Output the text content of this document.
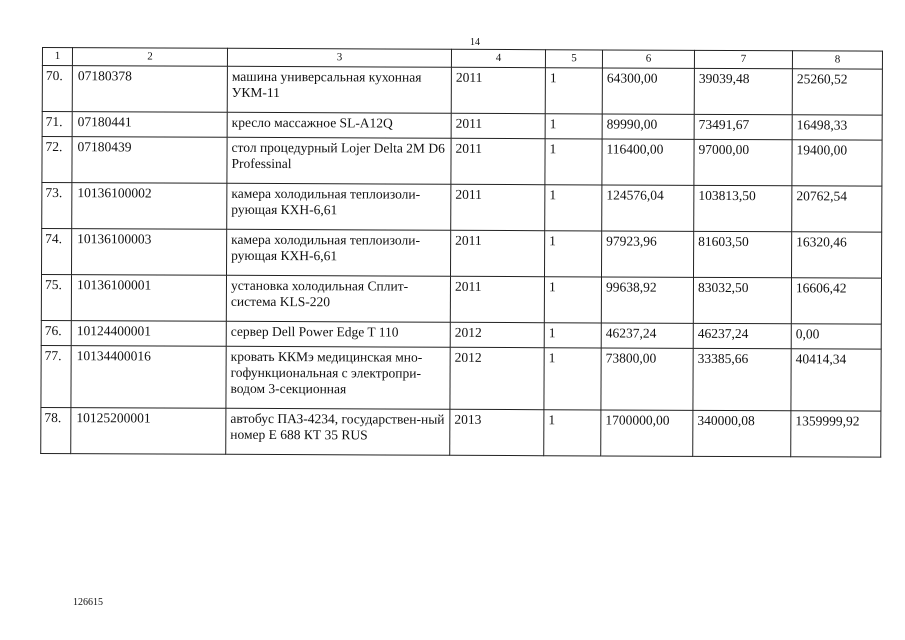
14
1	2	3	4	5	6	7	8
70.	07180378	машина универсальная кухонная УКМ-11	2011	1	64300,00	39039,48	25260,52
71.	07180441	кресло массажное SL-A12Q	2011	1	89990,00	73491,67	16498,33
72.	07180439	стол процедурный Lojer Delta 2M D6 Professinal	2011	1	116400,00	97000,00	19400,00
73.	10136100002	камера холодильная теплоизоли-рующая КХН-6,61	2011	1	124576,04	103813,50	20762,54
74.	10136100003	камера холодильная теплоизоли-рующая КХН-6,61	2011	1	97923,96	81603,50	16320,46
75.	10136100001	установка холодильная Сплит-система KLS-220	2011	1	99638,92	83032,50	16606,42
76.	10124400001	сервер Dell Power Edge T 110	2012	1	46237,24	46237,24	0,00
77.	10134400016	кровать ККМэ медицинская мно-гофункциональная с электропри-водом 3-секционная	2012	1	73800,00	33385,66	40414,34
78.	10125200001	автобус ПАЗ-4234, государствен-ный номер Е 688 КТ 35 RUS	2013	1	1700000,00	340000,08	1359999,92
126615
